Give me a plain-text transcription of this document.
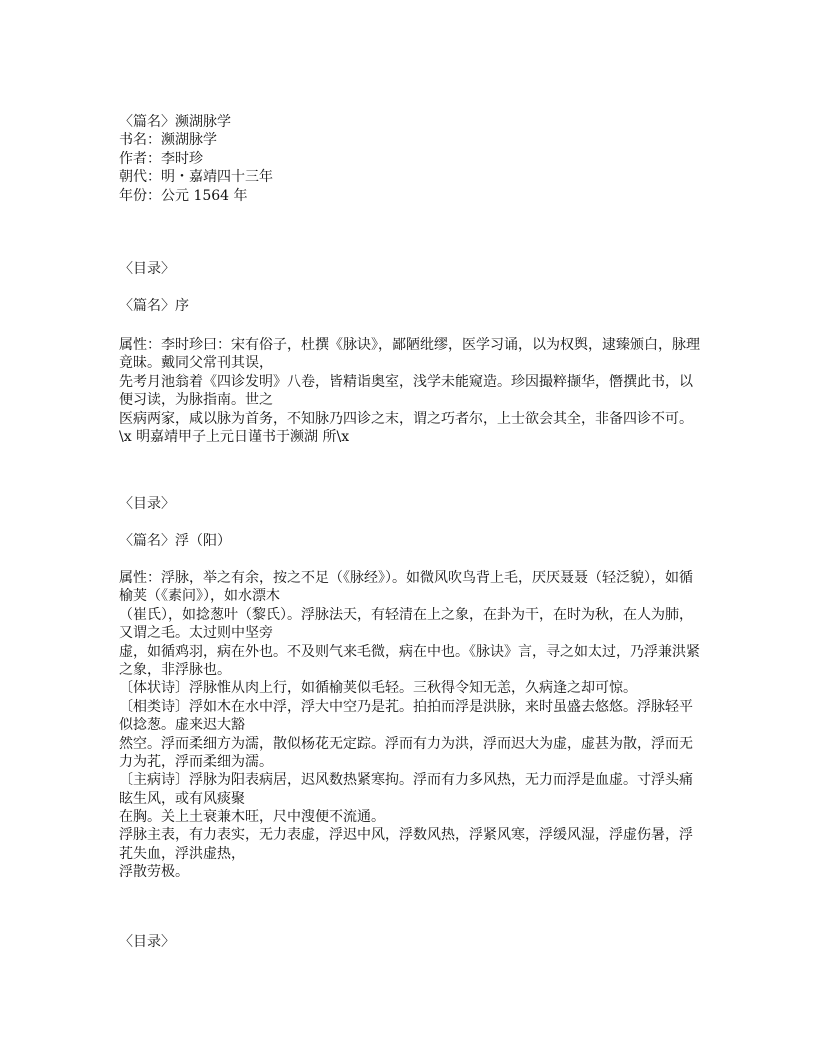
〈篇名〉濒湖脉学
书名：濒湖脉学
作者：李时珍
朝代：明・嘉靖四十三年
年份：公元 1564 年
〈目录〉
〈篇名〉序
属性：李时珍曰：宋有俗子，杜撰《脉诀》，鄙陋纰缪，医学习诵，以为权舆，逮臻颁白，脉理
竟昧。戴同父常刊其误，
先考月池翁着《四诊发明》八卷，皆精诣奥室，浅学未能窥造。珍因撮粹撷华，僭撰此书，以
便习读，为脉指南。世之
医病两家，咸以脉为首务，不知脉乃四诊之末，谓之巧者尔，上士欲会其全，非备四诊不可。
\x 明嘉靖甲子上元日谨书于濒湖 所\x
〈目录〉
〈篇名〉浮（阳）
属性：浮脉，举之有余，按之不足（《脉经》）。如微风吹鸟背上毛，厌厌聂聂（轻泛貌），如循
榆荚（《素问》），如水漂木
（崔氏），如捻葱叶（黎氏）。浮脉法天，有轻清在上之象，在卦为干，在时为秋，在人为肺，
又谓之毛。太过则中坚旁
虚，如循鸡羽，病在外也。不及则气来毛微，病在中也。《脉诀》言，寻之如太过，乃浮兼洪紧
之象，非浮脉也。
〔体状诗〕浮脉惟从肉上行，如循榆荚似毛轻。三秋得令知无恙，久病逢之却可惊。
〔相类诗〕浮如木在水中浮，浮大中空乃是芤。拍拍而浮是洪脉，来时虽盛去悠悠。浮脉轻平
似捻葱。虚来迟大豁
然空。浮而柔细方为濡，散似杨花无定踪。浮而有力为洪，浮而迟大为虚，虚甚为散，浮而无
力为芤，浮而柔细为濡。
〔主病诗〕浮脉为阳表病居，迟风数热紧寒拘。浮而有力多风热，无力而浮是血虚。寸浮头痛
眩生风，或有风痰聚
在胸。关上土衰兼木旺，尺中溲便不流通。
浮脉主表，有力表实，无力表虚，浮迟中风，浮数风热，浮紧风寒，浮缓风湿，浮虚伤暑，浮
芤失血，浮洪虚热，
浮散劳极。
〈目录〉
